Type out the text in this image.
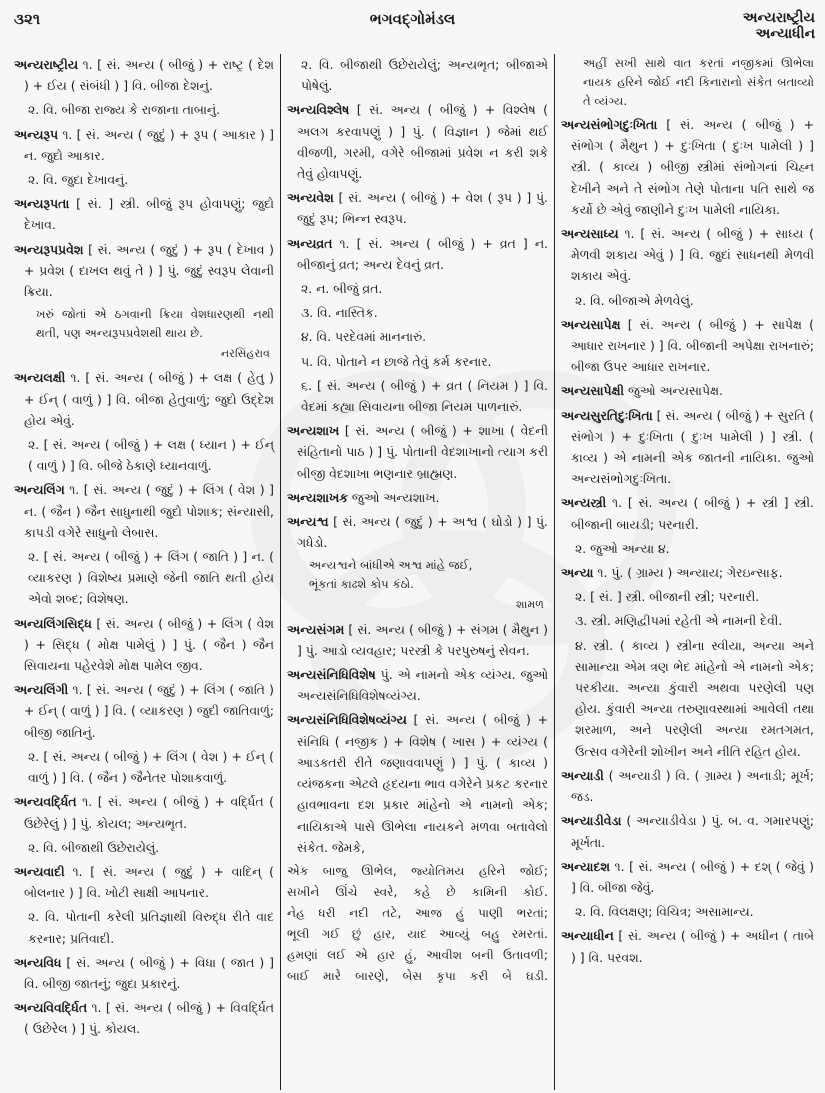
૩૨૧	ભગવદ્ગોમંડલ	અન્યરાષ્ટ્રીય
અન્યાધીન
અન્યરાષ્ટ્રીય ૧. [ સં. અન્ય ( બીજું ) + રાષ્ટ્ર ( દેશ ) + ઈય ( સંબંધી ) ] વિ. બીજા દેશનું.
૨. વિ. બીજા રાજ્ય કે રાજાના તાબાનું.
અન્યરૂપ ૧. [ સં. અન્ય ( જુદું ) + રૂપ ( આકાર ) ] ન. જુદો આકાર.
૨. વિ. જુદા દેખાવનું.
અન્યરૂપતા [ સં. ] સ્ત્રી. બીજું રૂપ હોવાપણું; જુદો દેખાવ.
અન્યરૂપપ્રવેશ [ સં. અન્ય ( જુદું ) + રૂપ ( દેખાવ ) + પ્રવેશ ( દાખલ થવું તે ) ] પું. જુદું સ્વરૂપ લેવાની ક્રિયા.
ખરું જોતાં એ ઠગવાની ક્રિયા વેશધારણથી નથી થતી, પણ અન્યરૂપપ્રવેશથી થાય છે.
નરસિંહરાવ
અન્યલક્ષી ૧. [ સં. અન્ય ( બીજું ) + લક્ષ ( હેતુ ) + ઈન્ ( વાળું ) ] વિ. બીજા હેતુવાળું; જુદો ઉદ્દેશ હોય એવું.
૨. [ સં. અન્ય ( બીજું ) + લક્ષ ( ધ્યાન ) + ઈન્ ( વાળું ) ] વિ. બીજે ઠેકાણે ધ્યાનવાળું.
અન્યલિંગ ૧. [ સં. અન્ય ( જુદું ) + લિંગ ( વેશ ) ] ન. ( જૈન ) જૈન સાધુનાથી જુદો પોશાક; સંન્યાસી, કાપડી વગેરે સાધુનો લેબાસ.
૨. [ સં. અન્ય ( બીજું ) + લિંગ ( જાતિ ) ] ન. ( વ્યાકરણ ) વિશેષ્ય પ્રમાણે જેની જાતિ થતી હોય એવો શબ્દ; વિશેષણ.
અન્યલિંગસિદ્ધ [ સં. અન્ય ( બીજું ) + લિંગ ( વેશ ) + સિદ્ધ ( મોક્ષ પામેલું ) ] પું. ( જૈન ) જૈન સિવાયના પહેરવેશે મોક્ષ પામેલ જીવ.
અન્યલિંગી ૧. [ સં. અન્ય ( જુદું ) + લિંગ ( જાતિ ) + ઈન્ ( વાળું ) ] વિ. ( વ્યાકરણ ) જુદી જાતિવાળું; બીજી જાતિનું.
૨. [ સં. અન્ય ( બીજું ) + લિંગ ( વેશ ) + ઈન્ ( વાળું ) ] વિ. ( જૈન ) જૈનેતર પોશાકવાળું.
અન્યવર્દ્ધિત ૧. [ સં. અન્ય ( બીજું ) + વર્દ્ધિત ( ઉછેરેલું ) ] પું. કોયલ; અન્યભૃત.
૨. વિ. બીજાથી ઉછેરાયેલું.
અન્યવાદી ૧. [ સં. અન્ય ( જુદું ) + વાદિન્ ( બોલનાર ) ] વિ. ખોટી સાક્ષી આપનાર.
૨. વિ. પોતાની કરેલી પ્રતિજ્ઞાથી વિરુદ્ધ રીતે વાદ કરનાર; પ્રતિવાદી.
અન્યવિધ [ સં. અન્ય ( બીજું ) + વિધા ( જાત ) ] વિ. બીજી જાતનું; જુદા પ્રકારનું.
અન્યવિવર્દ્ધિત ૧. [ સં. અન્ય ( બીજું ) + વિવર્દ્ધિત ( ઉછેરેલ ) ] પું. કોયલ.
૨. વિ. બીજાથી ઉછેરાયેલું; અન્યભૃત; બીજાએ પોષેલું.
અન્યવિશ્લેષ [ સં. અન્ય ( બીજું ) + વિશ્લેષ ( અલગ કરવાપણું ) ] પું. ( વિજ્ઞાન ) જેમાં થઈ વીજળી, ગરમી, વગેરે બીજામાં પ્રવેશ ન કરી શકે તેવું હોવાપણું.
અન્યવેશ [ સં. અન્ય ( બીજું ) + વેશ ( રૂપ ) ] પું. જુદું રૂપ; ભિન્ન સ્વરૂપ.
અન્યવ્રત ૧. [ સં. અન્ય ( બીજું ) + વ્રત ] ન. બીજાનું વ્રત; અન્ય દેવનું વ્રત.
૨. ન. બીજું વ્રત.
૩. વિ. નાસ્તિક.
૪. વિ. પરદેવમાં માનનારું.
૫. વિ. પોતાને ન છાજે તેવું કર્મ કરનાર.
૬. [ સં. અન્ય ( બીજું ) + વ્રત ( નિયમ ) ] વિ. વેદમાં કહ્યા સિવાયના બીજા નિયમ પાળનારું.
અન્યશાખ [ સં. અન્ય ( બીજું ) + શાખા ( વેદની સંહિતાનો પાઠ ) ] પું. પોતાની વેદશાખાનો ત્યાગ કરી બીજી વેદશાખા ભણનાર બ્રાહ્મણ.
અન્યશાખક જુઓ અન્યશાખ.
અન્યશ્વ [ સં. અન્ય ( જુદું ) + અશ્વ ( ઘોડો ) ] પું. ગધેડો.
અન્યશ્વને બાંધીએ અશ્વ માંહે જઈ,
ભૂંકતાં કાઢશે કોપ કંઠો.
શામળ
અન્યસંગમ [ સં. અન્ય ( બીજું ) + સંગમ ( મૈથુન ) ] પું. આડો વ્યવહાર; પરસ્ત્રી કે પરપુરુષનું સેવન.
અન્યસંનિધિવિશેષ પું. એ નામનો એક વ્યંગ્ય. જુઓ અન્યસંનિધિવિશેષવ્યંગ્ય.
અન્યસંનિધિવિશેષવ્યંગ્ય [ સં. અન્ય ( બીજું ) + સંનિધિ ( નજીક ) + વિશેષ ( ખાસ ) + વ્યંગ્ય ( આડકતરી રીતે જણાવવાપણું ) ] પું. ( કાવ્ય ) વ્યંજકના એટલે હૃદયના ભાવ વગેરેને પ્રકટ કરનાર હાવભાવના દશ પ્રકાર માંહેનો એ નામનો એક; નાયિકાએ પાસે ઊભેલા નાયકને મળવા બતાવેલો સંકેત. જેમકે,
એક બાજુ ઊભેલ, જ્યોતિમય હરિને જોઈ;
સખીને ઊંચે સ્વરે, કહે છે કામિની કોઈ.
નેહ ધરી નદી તટે, આજ હું પાણી ભરતાં;
ભૂલી ગઈ છું હાર, યાદ આવ્યું બહુ રમરતાં.
હમણાં લઈ એ હાર હું, આવીશ બની ઉતાવળી;
બાઈ મારે બારણે, બેસ કૃપા કરી બે ઘડી.
અહીં સખી સાથે વાત કરતાં નજીકમાં ઊભેલા નાયક હરિને જોઈ નદી કિનારાનો સંકેત બતાવ્યો તે વ્યંગ્ય.
અન્યસંભોગદુઃખિતા [ સં. અન્ય ( બીજું ) + સંભોગ ( મૈથુન ) + દુઃખિતા ( દુઃખ પામેલી ) ] સ્ત્રી. ( કાવ્ય ) બીજી સ્ત્રીમાં સંભોગનાં ચિહ્ન દેખીને અને તે સંભોગ તેણે પોતાના પતિ સાથે જ કર્યો છે એવું જાણીને દુઃખ પામેલી નાયિકા.
અન્યસાધ્ય ૧. [ સં. અન્ય ( બીજું ) + સાધ્ય ( મેળવી શકાય એવું ) ] વિ. જુદાં સાધનથી મેળવી શકાય એવું.
૨. વિ. બીજાએ મેળવેલું.
અન્યસાપેક્ષ [ સં. અન્ય ( બીજું ) + સાપેક્ષ ( આધાર રાખનાર ) ] વિ. બીજાની અપેક્ષા રાખનારું; બીજા ઉપર આધાર રાખનાર.
અન્યસાપેક્ષી જુઓ અન્યસાપેક્ષ.
અન્યસુરતિદુઃખિતા [ સં. અન્ય ( બીજું ) + સુરતિ ( સંભોગ ) + દુઃખિતા ( દુઃખ પામેલી ) ] સ્ત્રી. ( કાવ્ય ) એ નામની એક જાતની નાયિકા. જુઓ અન્યસંભોગદુઃખિતા.
અન્યસ્ત્રી ૧. [ સં. અન્ય ( બીજું ) + સ્ત્રી ] સ્ત્રી. બીજાની બાયડી; પરનારી.
૨. જુઓ અન્યા ૪.
અન્યા ૧. પું. ( ગ્રામ્ય ) અન્યાય; ગેરઇન્સાફ.
૨. [ સં. ] સ્ત્રી. બીજાની સ્ત્રી; પરનારી.
૩. સ્ત્રી. મણિદ્વીપમાં રહેતી એ નામની દેવી.
૪. સ્ત્રી. ( કાવ્ય ) સ્ત્રીના સ્વીયા, અન્યા અને સામાન્યા એમ ત્રણ ભેદ માંહેનો એ નામનો એક; પરકીયા. અન્યા કુંવારી અથવા પરણેલી પણ હોય. કુંવારી અન્યા તરુણાવસ્થામાં આવેલી તથા શરમાળ, અને પરણેલી અન્યા રમતગમત, ઉત્સવ વગેરેની શોખીન અને નીતિ રહિત હોય.
અન્યાડી ( અન્યાડી ) વિ. ( ગ્રામ્ય ) અનાડી; મૂર્ખ; જડ.
અન્યાડીવેડા ( અન્યાડીવેડા ) પું. બ. વ. ગમારપણું; મૂર્ખતા.
અન્યાદશ ૧. [ સં. અન્ય ( બીજું ) + દશ્ ( જેવું ) ] વિ. બીજા જેવું.
૨. વિ. વિલક્ષણ; વિચિત્ર; અસામાન્ય.
અન્યાધીન [ સં. અન્ય ( બીજું ) + અધીન ( તાબે ) ] વિ. પરવશ.
